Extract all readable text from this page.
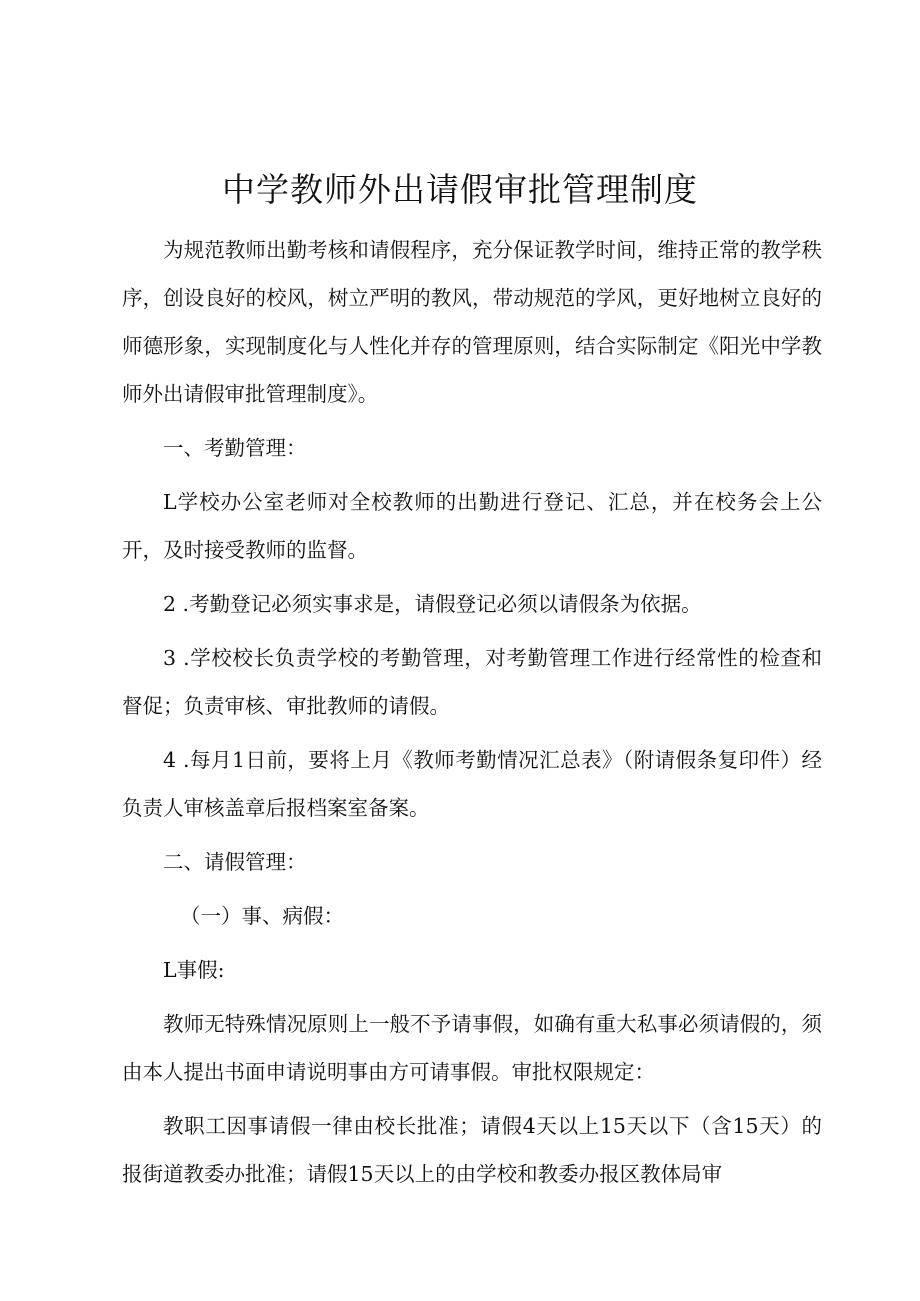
中学教师外出请假审批管理制度

为规范教师出勤考核和请假程序，充分保证教学时间，维持正常的教学秩序，创设良好的校风，树立严明的教风，带动规范的学风，更好地树立良好的师德形象，实现制度化与人性化并存的管理原则，结合实际制定《阳光中学教师外出请假审批管理制度》。

一、考勤管理：

L学校办公室老师对全校教师的出勤进行登记、汇总，并在校务会上公开，及时接受教师的监督。

2 .考勤登记必须实事求是，请假登记必须以请假条为依据。

3 .学校校长负责学校的考勤管理，对考勤管理工作进行经常性的检查和督促；负责审核、审批教师的请假。

4 .每月1日前，要将上月《教师考勤情况汇总表》（附请假条复印件）经负责人审核盖章后报档案室备案。

二、请假管理：

（一）事、病假：

L事假:

教师无特殊情况原则上一般不予请事假，如确有重大私事必须请假的，须由本人提出书面申请说明事由方可请事假。审批权限规定：

教职工因事请假一律由校长批准；请假4天以上15天以下（含15天）的报街道教委办批准；请假15天以上的由学校和教委办报区教体局审
